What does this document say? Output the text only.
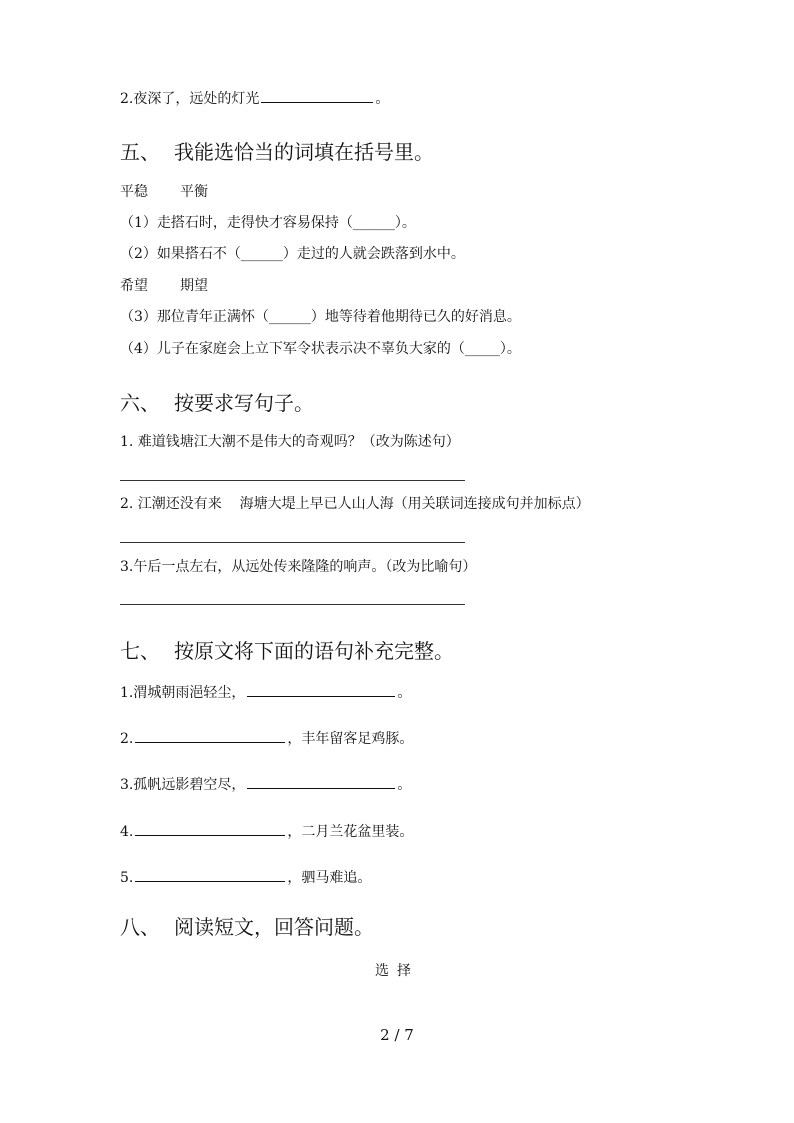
2.夜深了，远处的灯光	。
五、 我能选恰当的词填在括号里。
平稳 平衡
（1）走搭石时，走得快才容易保持（______）。
（2）如果搭石不（______）走过的人就会跌落到水中。
希望 期望
（3）那位青年正满怀（______）地等待着他期待已久的好消息。
（4）儿子在家庭会上立下军令状表示决不辜负大家的（_____）。
六、 按要求写句子。
1. 难道钱塘江大潮不是伟大的奇观吗？（改为陈述句）
2. 江潮还没有来    海塘大堤上早已人山人海（用关联词连接成句并加标点）
3.午后一点左右，从远处传来隆隆的响声。（改为比喻句）
七、 按原文将下面的语句补充完整。
1.渭城朝雨浥轻尘，	。
2.	，丰年留客足鸡豚。
3.孤帆远影碧空尽，	。
4.	，二月兰花盆里装。
5.	，驷马难追。
八、 阅读短文，回答问题。
选择
2 / 7
